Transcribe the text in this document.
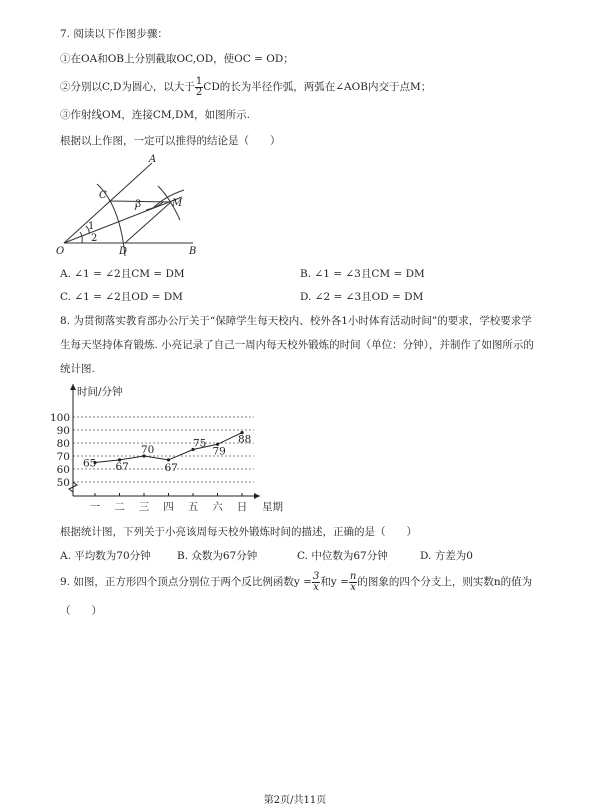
7. 阅读以下作图步骤：
①在OA和OB上分别截取OC,OD，使OC = OD；
②分别以C,D为圆心，以大于 $\frac{1}{2}$ CD的长为半径作弧，两弧在∠AOB内交于点M；
③作射线OM，连接CM,DM，如图所示.
根据以上作图，一定可以推得的结论是（　　）
A
C
3	M
1
2
O	D	B
A. ∠1 = ∠2且CM = DM	B. ∠1 = ∠3且CM = DM
C. ∠1 = ∠2且OD = DM	D. ∠2 = ∠3且OD = DM
8. 为贯彻落实教育部办公厅关于“保障学生每天校内、校外各1小时体育活动时间”的要求，学校要求学
生每天坚持体育锻炼. 小亮记录了自己一周内每天校外锻炼的时间（单位：分钟），并制作了如图所示的
统计图.
50
60
70
80
90
100
一 二 三 四 五 六 日
65 67
70
67
75
79
88
时间/分钟
星期
根据统计图，下列关于小亮该周每天校外锻炼时间的描述，正确的是（　　）
A. 平均数为70分钟	B. 众数为67分钟	C. 中位数为67分钟	D. 方差为0
9. 如图，正方形四个顶点分别位于两个反比例函数$y = \frac{3}{x}$ 和$y = \frac{n}{x}$ 的图象的四个分支上，则实数n的值为
（　　）
第2页/共11页
